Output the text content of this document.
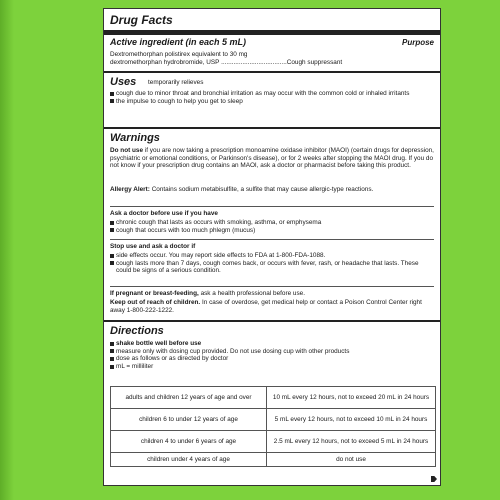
Drug Facts
Active ingredient (in each 5 mL)	Purpose
Dextromethorphan polistirex equivalent to 30 mg
dextromethorphan hydrobromide, USP .....................................Cough suppressant
Uses temporarily relieves
cough due to minor throat and bronchial irritation as may occur with the common cold or inhaled irritants
the impulse to cough to help you get to sleep
Warnings
Do not use if you are now taking a prescription monoamine oxidase inhibitor (MAOI) (certain drugs for depression, psychiatric or emotional conditions, or Parkinson's disease), or for 2 weeks after stopping the MAOI drug. If you do not know if your prescription drug contains an MAOI, ask a doctor or pharmacist before taking this product.
Allergy Alert: Contains sodium metabisulfite, a sulfite that may cause allergic-type reactions.
Ask a doctor before use if you have
chronic cough that lasts as occurs with smoking, asthma, or emphysema
cough that occurs with too much phlegm (mucus)
Stop use and ask a doctor if
side effects occur. You may report side effects to FDA at 1-800-FDA-1088.
cough lasts more than 7 days, cough comes back, or occurs with fever, rash, or headache that lasts. These could be signs of a serious condition.
If pregnant or breast-feeding, ask a health professional before use.
Keep out of reach of children. In case of overdose, get medical help or contact a Poison Control Center right away 1-800-222-1222.
Directions
shake bottle well before use
measure only with dosing cup provided. Do not use dosing cup with other products
dose as follows or as directed by doctor
mL = milliliter
adults and children 12 years of age and over	10 mL every 12 hours, not to exceed 20 mL in 24 hours
children 6 to under 12 years of age	5 mL every 12 hours, not to exceed 10 mL in 24 hours
children 4 to under 6 years of age	2.5 mL every 12 hours, not to exceed 5 mL in 24 hours
children under 4 years of age	do not use
